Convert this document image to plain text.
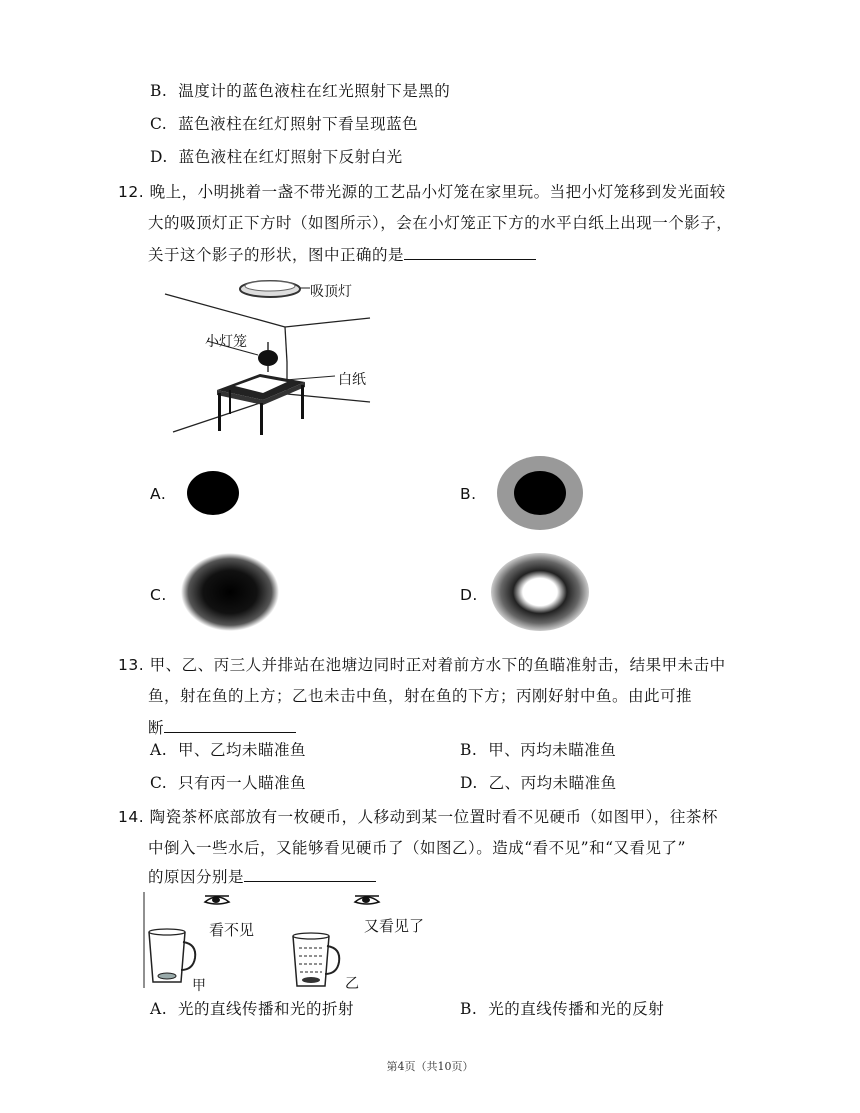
B. 温度计的蓝色液柱在红光照射下是黑的
C. 蓝色液柱在红灯照射下看呈现蓝色
D. 蓝色液柱在红灯照射下反射白光
12. 晚上，小明挑着一盏不带光源的工艺品小灯笼在家里玩。当把小灯笼移到发光面较
大的吸顶灯正下方时（如图所示），会在小灯笼正下方的水平白纸上出现一个影子，
关于这个影子的形状，图中正确的是
吸顶灯
小灯笼
白纸
A.	B.
C.	D.
13. 甲、乙、丙三人并排站在池塘边同时正对着前方水下的鱼瞄准射击，结果甲未击中
鱼，射在鱼的上方；乙也未击中鱼，射在鱼的下方；丙刚好射中鱼。由此可推
断
A. 甲、乙均未瞄准鱼	B. 甲、丙均未瞄准鱼
C. 只有丙一人瞄准鱼	D. 乙、丙均未瞄准鱼
14. 陶瓷茶杯底部放有一枚硬币，人移动到某一位置时看不见硬币（如图甲），往茶杯
中倒入一些水后，又能够看见硬币了（如图乙）。造成“看不见”和“又看见了”
的原因分别是
看不见	又看见了
甲	乙
A. 光的直线传播和光的折射	B. 光的直线传播和光的反射
第4页（共10页）
